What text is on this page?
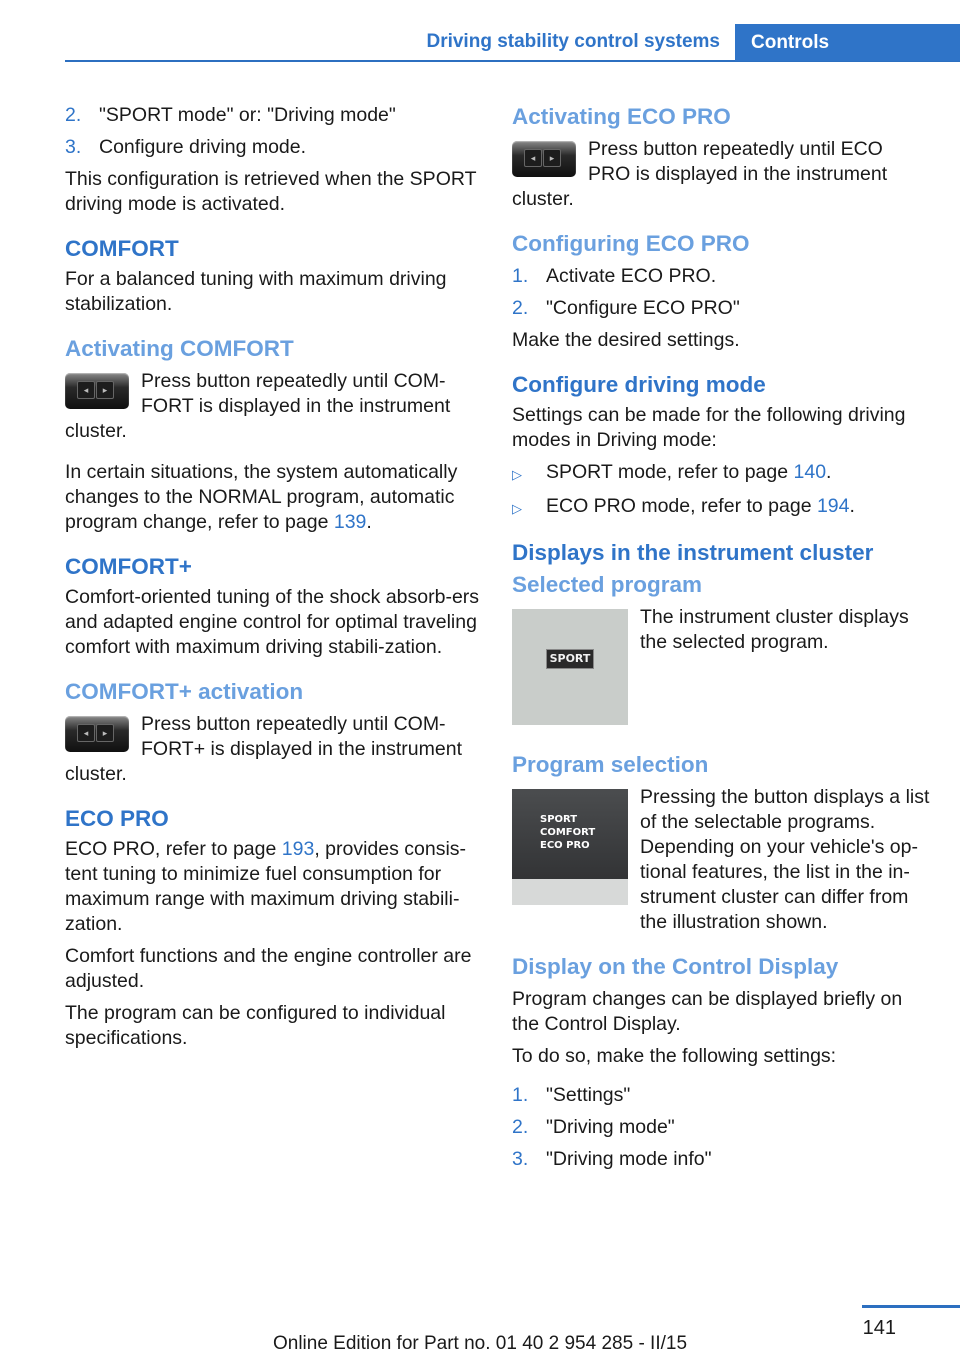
Driving stability control systems	Controls
2. "SPORT mode" or: "Driving mode"
3. Configure driving mode.

This configuration is retrieved when the SPORT driving mode is activated.

COMFORT

For a balanced tuning with maximum driving stabilization.

Activating COMFORT
◂	▸	Press button repeatedly until COM‐FORT is displayed in the instrument cluster.

In certain situations, the system automatically changes to the NORMAL program, automatic program change, refer to page 139.

COMFORT+

Comfort-oriented tuning of the shock absorb‐ers and adapted engine control for optimal traveling comfort with maximum driving stabili‐zation.

COMFORT+ activation
◂	▸	Press button repeatedly until COM‐FORT+ is displayed in the instrument cluster.
ECO PRO

ECO PRO, refer to page 193, provides consis‐tent tuning to minimize fuel consumption for maximum range with maximum driving stabili‐zation.

Comfort functions and the engine controller are adjusted.

The program can be configured to individual specifications.

Activating ECO PRO
◂	▸	Press button repeatedly until ECO PRO is displayed in the instrument cluster.
Configuring ECO PRO
1. Activate ECO PRO.
2. "Configure ECO PRO"

Make the desired settings.

Configure driving mode

Settings can be made for the following driving modes in Driving mode:

▷	SPORT mode, refer to page 140.
▷	ECO PRO mode, refer to page 194.
Displays in the instrument cluster
Selected program
SPORT
The instrument cluster displays the selected program.
Program selection
SPORT
COMFORT
ECO PRO
Pressing the button displays a list of the selectable programs. Depending on your vehicle's op‐tional features, the list in the in‐strument cluster can differ from the illustration shown.
Display on the Control Display

Program changes can be displayed briefly on the Control Display.

To do so, make the following settings:

1. "Settings"
2. "Driving mode"
3. "Driving mode info"
141
Online Edition for Part no. 01 40 2 954 285 - II/15
